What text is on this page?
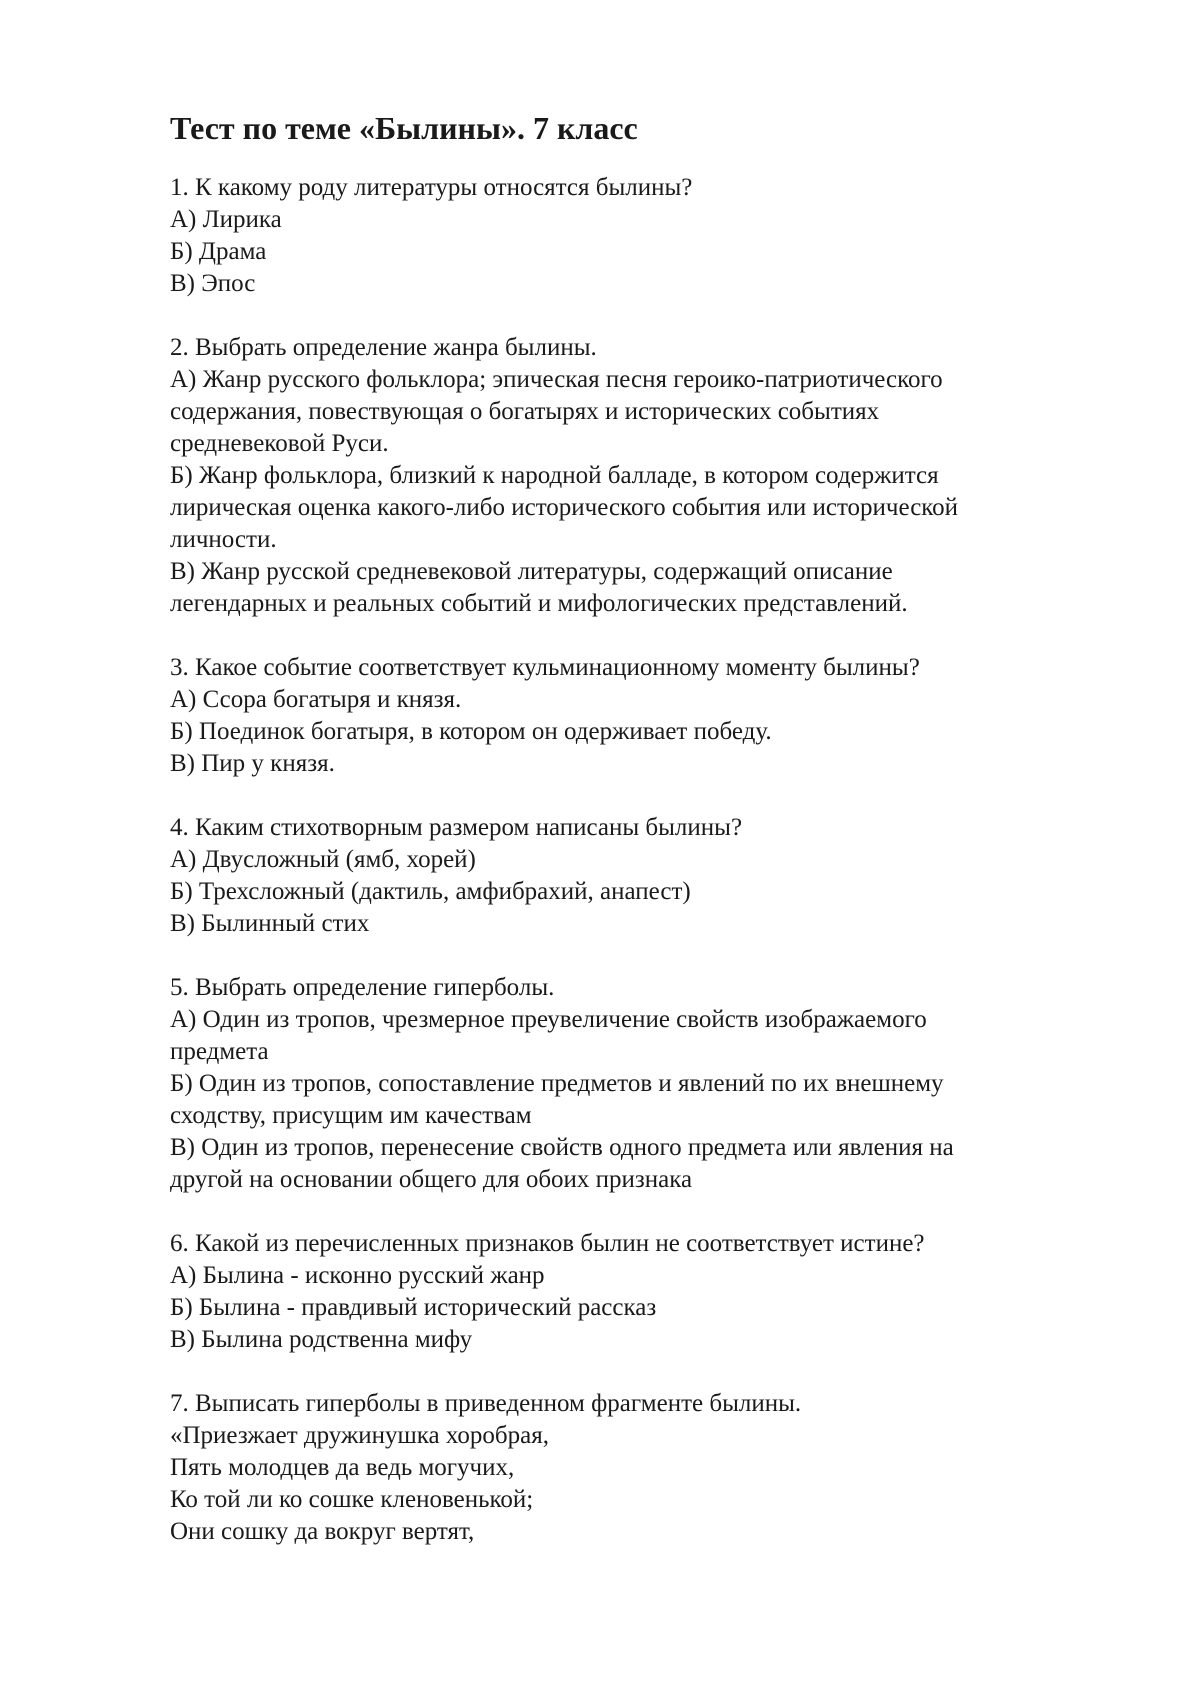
Тест по теме «Былины». 7 класс
1. К какому роду литературы относятся былины?
А) Лирика
Б) Драма
В) Эпос
2. Выбрать определение жанра былины.
А) Жанр русского фольклора; эпическая песня героико-патриотического
содержания, повествующая о богатырях и исторических событиях
средневековой Руси.
Б) Жанр фольклора, близкий к народной балладе, в котором содержится
лирическая оценка какого-либо исторического события или исторической
личности.
В) Жанр русской средневековой литературы, содержащий описание
легендарных и реальных событий и мифологических представлений.
3. Какое событие соответствует кульминационному моменту былины?
А) Ссора богатыря и князя.
Б) Поединок богатыря, в котором он одерживает победу.
В) Пир у князя.
4. Каким стихотворным размером написаны былины?
А) Двусложный (ямб, хорей)
Б) Трехсложный (дактиль, амфибрахий, анапест)
В) Былинный стих
5. Выбрать определение гиперболы.
А) Один из тропов, чрезмерное преувеличение свойств изображаемого
предмета
Б) Один из тропов, сопоставление предметов и явлений по их внешнему
сходству, присущим им качествам
В) Один из тропов, перенесение свойств одного предмета или явления на
другой на основании общего для обоих признака
6. Какой из перечисленных признаков былин не соответствует истине?
А) Былина - исконно русский жанр
Б) Былина - правдивый исторический рассказ
В) Былина родственна мифу
7. Выписать гиперболы в приведенном фрагменте былины.
«Приезжает дружинушка хоробрая,
Пять молодцев да ведь могучих,
Ко той ли ко сошке кленовенькой;
Они сошку да вокруг вертят,
